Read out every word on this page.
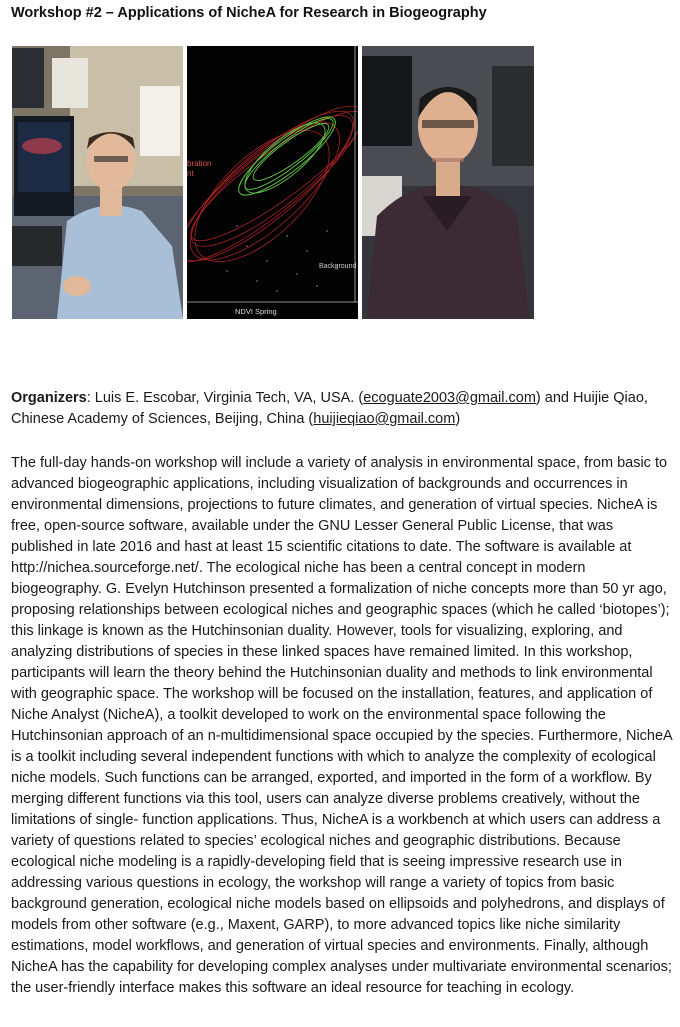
Workshop #2 – Applications of NicheA for Research in Biogeography
bration
nt
Background
NDVI Spring
Organizers: Luis E. Escobar, Virginia Tech, VA, USA. (ecoguate2003@gmail.com) and Huijie Qiao, Chinese Academy of Sciences, Beijing, China (huijieqiao@gmail.com)
The full-day hands-on workshop will include a variety of analysis in environmental space, from basic to advanced biogeographic applications, including visualization of backgrounds and occurrences in environmental dimensions, projections to future climates, and generation of virtual species. NicheA is free, open-source software, available under the GNU Lesser General Public License, that was published in late 2016 and hast at least 15 scientific citations to date. The software is available at http://nichea.sourceforge.net/. The ecological niche has been a central concept in modern biogeography. G. Evelyn Hutchinson presented a formalization of niche concepts more than 50 yr ago, proposing relationships between ecological niches and geographic spaces (which he called ‘biotopes’); this linkage is known as the Hutchinsonian duality. However, tools for visualizing, exploring, and analyzing distributions of species in these linked spaces have remained limited. In this workshop, participants will learn the theory behind the Hutchinsonian duality and methods to link environmental with geographic space. The workshop will be focused on the installation, features, and application of Niche Analyst (NicheA), a toolkit developed to work on the environmental space following the Hutchinsonian approach of an n-multidimensional space occupied by the species. Furthermore, NicheA is a toolkit including several independent functions with which to analyze the complexity of ecological niche models. Such functions can be arranged, exported, and imported in the form of a workflow. By merging different functions via this tool, users can analyze diverse problems creatively, without the limitations of single- function applications. Thus, NicheA is a workbench at which users can address a variety of questions related to species’ ecological niches and geographic distributions. Because ecological niche modeling is a rapidly-developing field that is seeing impressive research use in addressing various questions in ecology, the workshop will range a variety of topics from basic background generation, ecological niche models based on ellipsoids and polyhedrons, and displays of models from other software (e.g., Maxent, GARP), to more advanced topics like niche similarity estimations, model workflows, and generation of virtual species and environments. Finally, although NicheA has the capability for developing complex analyses under multivariate environmental scenarios; the user-friendly interface makes this software an ideal resource for teaching in ecology.
